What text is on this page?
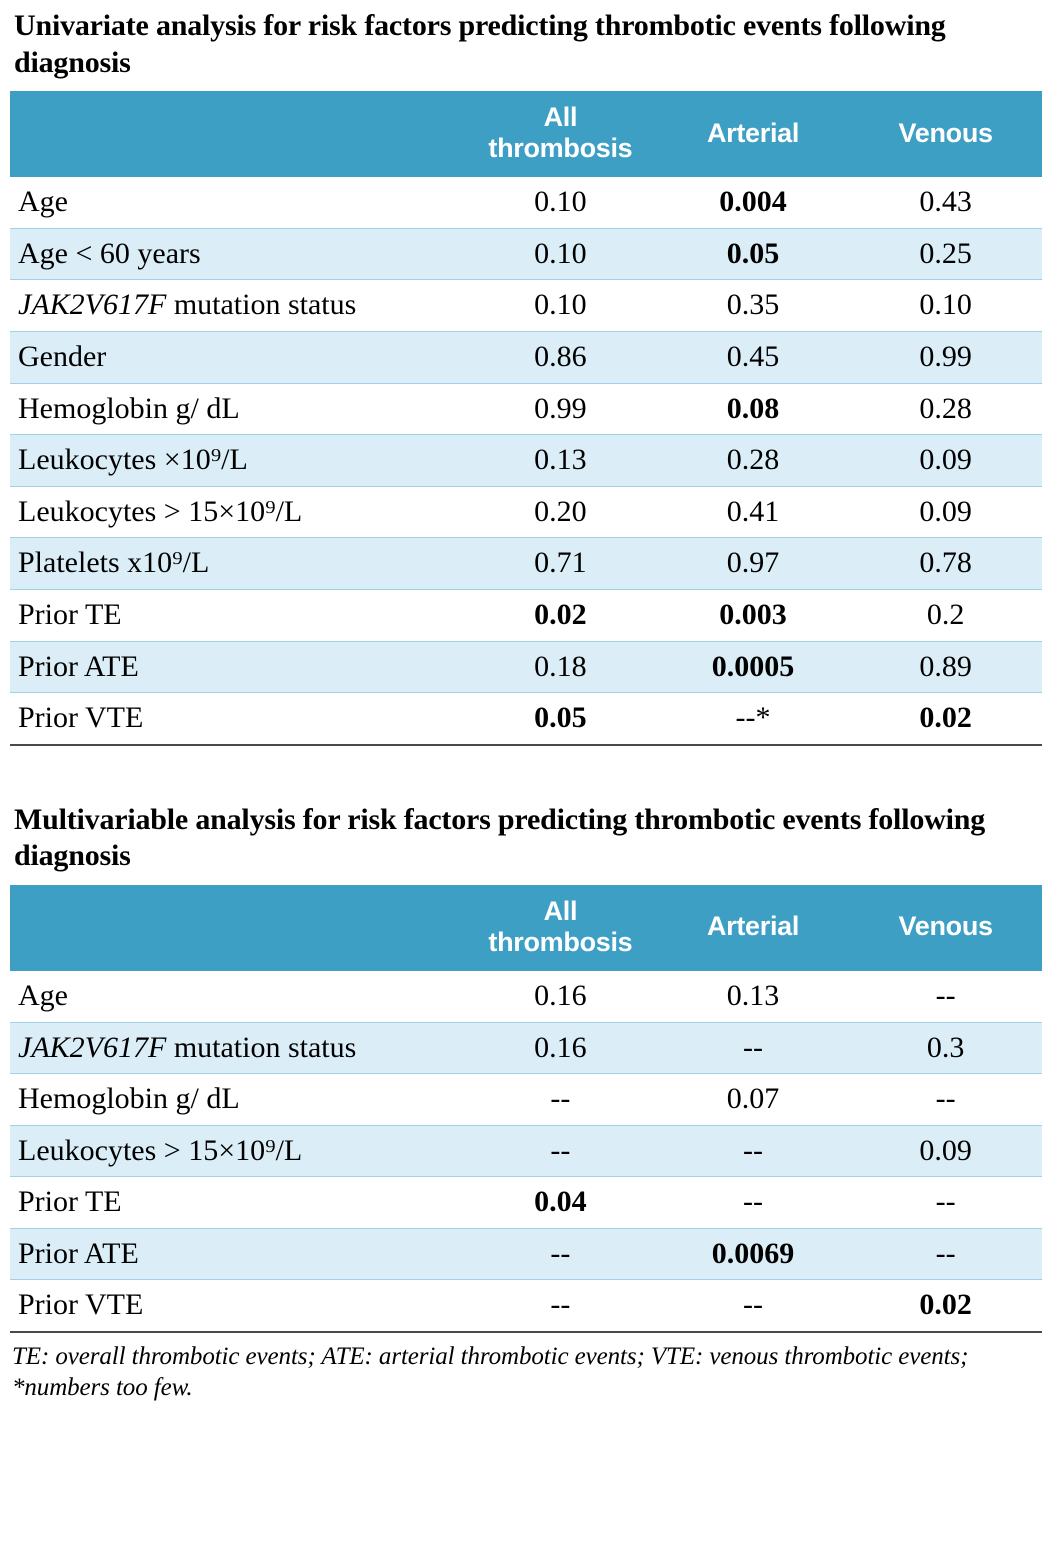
Univariate analysis for risk factors predicting thrombotic events following diagnosis
	All thrombosis	Arterial	Venous
Age	0.10	0.004	0.43
Age < 60 years	0.10	0.05	0.25
JAK2V617F mutation status	0.10	0.35	0.10
Gender	0.86	0.45	0.99
Hemoglobin g/ dL	0.99	0.08	0.28
Leukocytes ×10⁹/L	0.13	0.28	0.09
Leukocytes > 15×10⁹/L	0.20	0.41	0.09
Platelets x10⁹/L	0.71	0.97	0.78
Prior TE	0.02	0.003	0.2
Prior ATE	0.18	0.0005	0.89
Prior VTE	0.05	--*	0.02
Multivariable analysis for risk factors predicting thrombotic events following diagnosis
	All thrombosis	Arterial	Venous
Age	0.16	0.13	--
JAK2V617F mutation status	0.16	--	0.3
Hemoglobin g/ dL	--	0.07	--
Leukocytes > 15×10⁹/L	--	--	0.09
Prior TE	0.04	--	--
Prior ATE	--	0.0069	--
Prior VTE	--	--	0.02
TE: overall thrombotic events; ATE: arterial thrombotic events; VTE: venous thrombotic events; *numbers too few.
